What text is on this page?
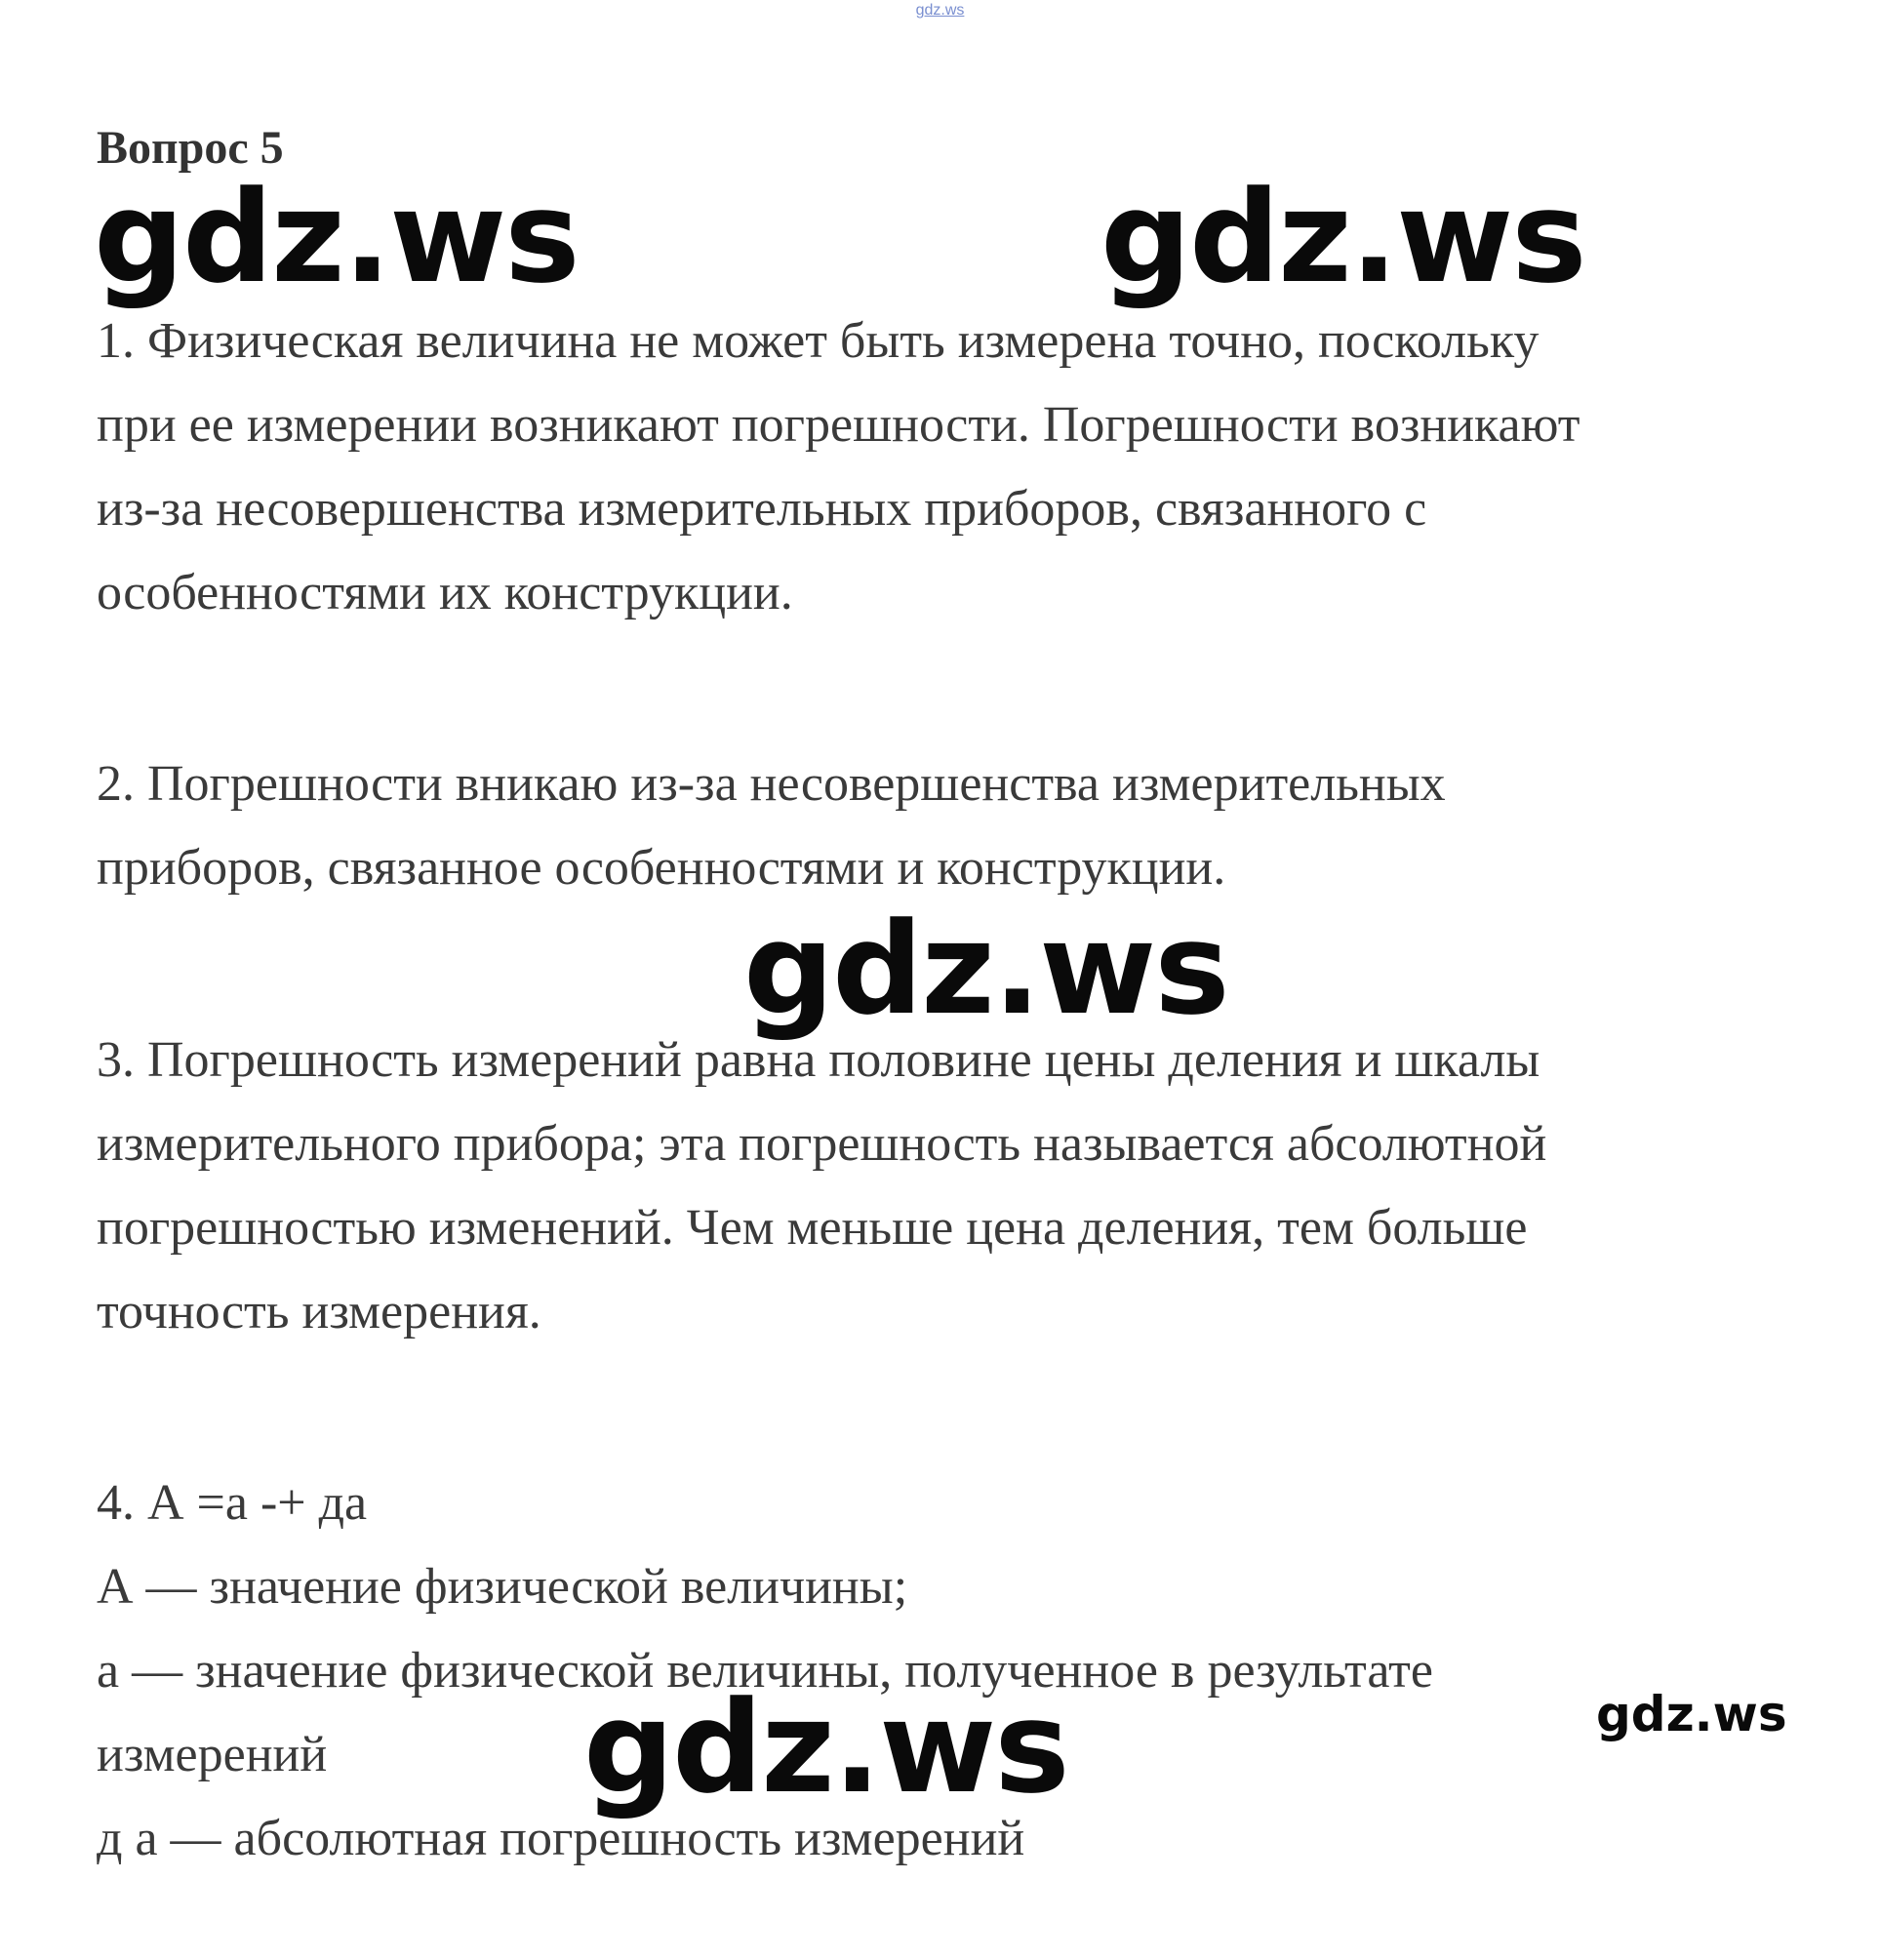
gdz.ws
Вопрос 5

1. Физическая величина не может быть измерена точно, поскольку

при ее измерении возникают погрешности. Погрешности возникают

из-за несовершенства измерительных приборов, связанного с

особенностями их конструкции.

2. Погрешности вникаю из-за несовершенства измерительных

приборов, связанное особенностями и конструкции.

3. Погрешность измерений равна половине цены деления и шкалы

измерительного прибора; эта погрешность называется абсолютной

погрешностью изменений. Чем меньше цена деления, тем больше

точность измерения.

4. А =а -+ да

А — значение физической величины;

а — значение физической величины, полученное в результате

измерений

д а — абсолютная погрешность измерений

gdz.ws	gdz.ws
gdz.ws
gdz.ws	gdz.ws
